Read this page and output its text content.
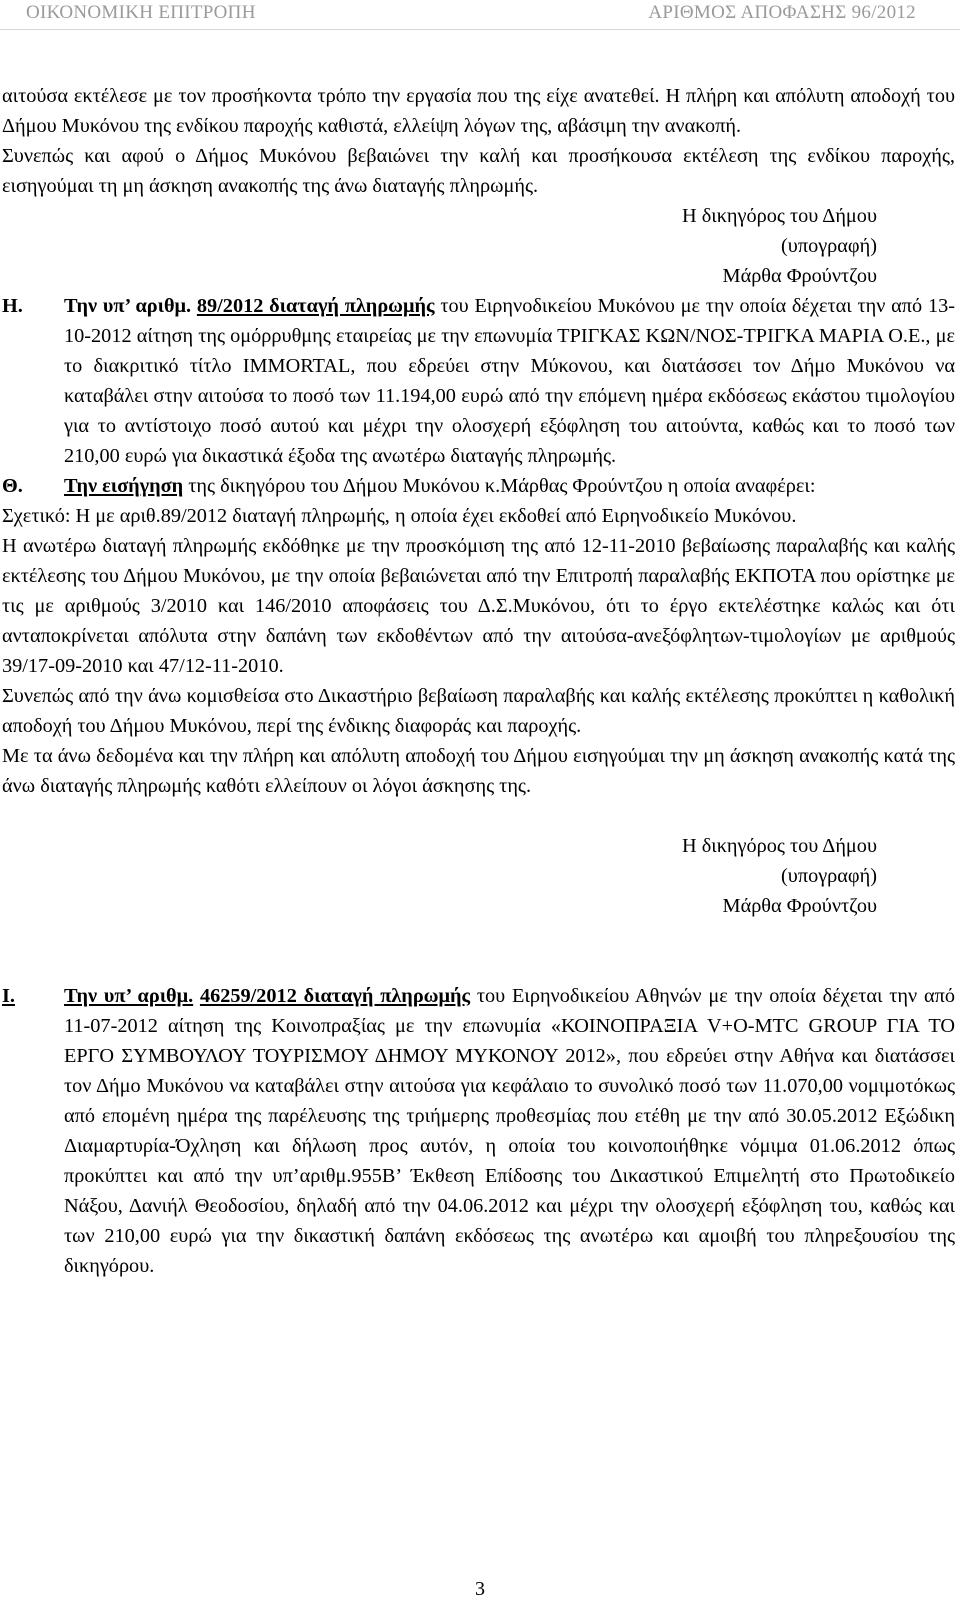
ΟΙΚΟΝΟΜΙΚΗ ΕΠΙΤΡΟΠΗ	ΑΡΙΘΜΟΣ ΑΠΟΦΑΣΗΣ 96/2012

αιτούσα εκτέλεσε με τον προσήκοντα τρόπο την εργασία που της είχε ανατεθεί. Η πλήρη και απόλυτη αποδοχή του Δήμου Μυκόνου της ενδίκου παροχής καθιστά, ελλείψη λόγων της, αβάσιμη την ανακοπή.

Συνεπώς και αφού ο Δήμος Μυκόνου βεβαιώνει την καλή και προσήκουσα εκτέλεση της ενδίκου παροχής, εισηγούμαι τη μη άσκηση ανακοπής της άνω διαταγής πληρωμής.

Η δικηγόρος του Δήμου
(υπογραφή)
Μάρθα Φρούντζου
Η. Την υπ’ αριθμ. 89/2012 διαταγή πληρωμής του Ειρηνοδικείου Μυκόνου με την οποία δέχεται την από 13-10-2012 αίτηση της ομόρρυθμης εταιρείας με την επωνυμία ΤΡΙΓΚΑΣ ΚΩΝ/ΝΟΣ-ΤΡΙΓΚΑ ΜΑΡΙΑ Ο.Ε., με το διακριτικό τίτλο IMMORTAL, που εδρεύει στην Μύκονου, και διατάσσει τον Δήμο Μυκόνου να καταβάλει στην αιτούσα το ποσό των 11.194,00 ευρώ από την επόμενη ημέρα εκδόσεως εκάστου τιμολογίου για το αντίστοιχο ποσό αυτού και μέχρι την ολοσχερή εξόφληση του αιτούντα, καθώς και το ποσό των 210,00 ευρώ για δικαστικά έξοδα της ανωτέρω διαταγής πληρωμής.

Θ. Την εισήγηση της δικηγόρου του Δήμου Μυκόνου κ.Μάρθας Φρούντζου η οποία αναφέρει:

Σχετικό: Η με αριθ.89/2012 διαταγή πληρωμής, η οποία έχει εκδοθεί από Ειρηνοδικείο Μυκόνου.

Η ανωτέρω διαταγή πληρωμής εκδόθηκε με την προσκόμιση της από 12-11-2010 βεβαίωσης παραλαβής και καλής εκτέλεσης του Δήμου Μυκόνου, με την οποία βεβαιώνεται από την Επιτροπή παραλαβής ΕΚΠΟΤΑ που ορίστηκε με τις με αριθμούς 3/2010 και 146/2010 αποφάσεις του Δ.Σ.Μυκόνου, ότι το έργο εκτελέστηκε καλώς και ότι ανταποκρίνεται απόλυτα στην δαπάνη των εκδοθέντων από την αιτούσα-ανεξόφλητων-τιμολογίων με αριθμούς 39/17-09-2010 και 47/12-11-2010.

Συνεπώς από την άνω κομισθείσα στο Δικαστήριο βεβαίωση παραλαβής και καλής εκτέλεσης προκύπτει η καθολική αποδοχή του Δήμου Μυκόνου, περί της ένδικης διαφοράς και παροχής.

Με τα άνω δεδομένα και την πλήρη και απόλυτη αποδοχή του Δήμου εισηγούμαι την μη άσκηση ανακοπής κατά της άνω διαταγής πληρωμής καθότι ελλείπουν οι λόγοι άσκησης της.

Η δικηγόρος του Δήμου
(υπογραφή)
Μάρθα Φρούντζου
Ι. Την υπ’ αριθμ. 46259/2012 διαταγή πληρωμής του Ειρηνοδικείου Αθηνών με την οποία δέχεται την από 11-07-2012 αίτηση της Κοινοπραξίας με την επωνυμία «ΚΟΙΝΟΠΡΑΞΙΑ V+O-MTC GROUP ΓΙΑ ΤΟ ΕΡΓΟ ΣΥΜΒΟΥΛΟΥ ΤΟΥΡΙΣΜΟΥ ΔΗΜΟΥ ΜΥΚΟΝΟΥ 2012», που εδρεύει στην Αθήνα και διατάσσει τον Δήμο Μυκόνου να καταβάλει στην αιτούσα για κεφάλαιο το συνολικό ποσό των 11.070,00 νομιμοτόκως από επομένη ημέρα της παρέλευσης της τριήμερης προθεσμίας που ετέθη με την από 30.05.2012 Εξώδικη Διαμαρτυρία-Όχληση και δήλωση προς αυτόν, η οποία του κοινοποιήθηκε νόμιμα 01.06.2012 όπως προκύπτει και από την υπ’αριθμ.955Β’ Έκθεση Επίδοσης του Δικαστικού Επιμελητή στο Πρωτοδικείο Νάξου, Δανιήλ Θεοδοσίου, δηλαδή από την 04.06.2012 και μέχρι την ολοσχερή εξόφληση του, καθώς και των 210,00 ευρώ για την δικαστική δαπάνη εκδόσεως της ανωτέρω και αμοιβή του πληρεξουσίου της δικηγόρου.

3
